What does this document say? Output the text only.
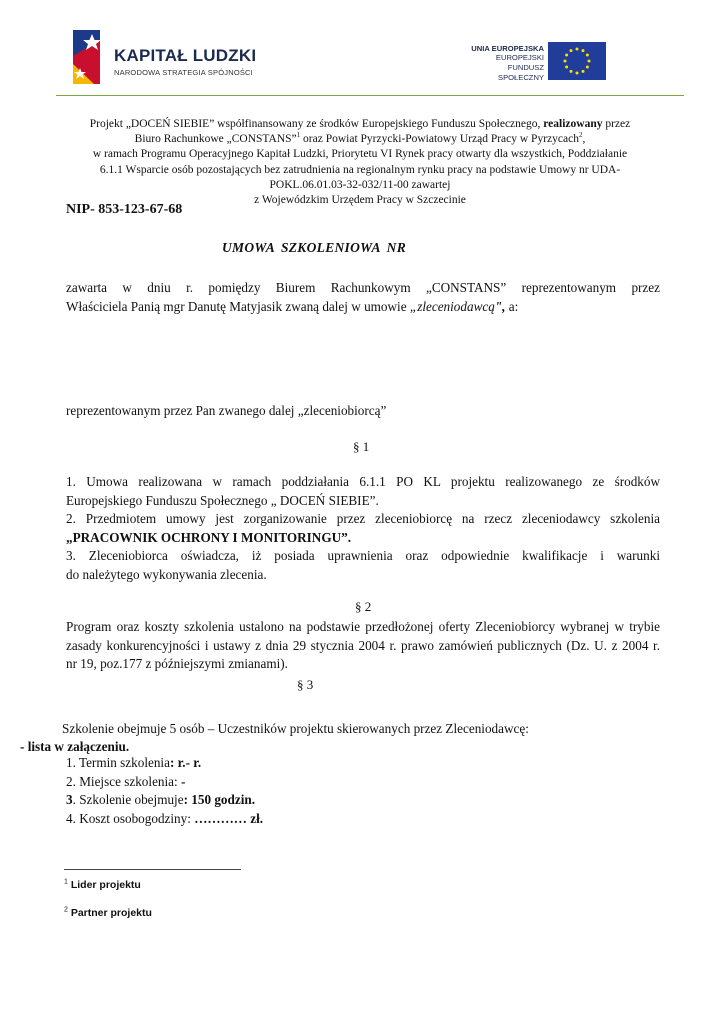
KAPITAŁ LUDZKI
NARODOWA STRATEGIA SPÓJNOŚCI
UNIA EUROPEJSKA
EUROPEJSKI
FUNDUSZ SPOŁECZNY

Projekt „DOCEŃ SIEBIE” współfinansowany ze środków Europejskiego Funduszu Społecznego, realizowany przez

Biuro Rachunkowe „CONSTANS”$^1$ oraz Powiat Pyrzycki-Powiatowy Urząd Pracy w Pyrzycach$^2$,

w ramach Programu Operacyjnego Kapitał Ludzki, Priorytetu VI Rynek pracy otwarty dla wszystkich, Poddziałanie

6.1.1 Wsparcie osób pozostających bez zatrudnienia na regionalnym rynku pracy na podstawie Umowy nr UDA-

POKL.06.01.03-32-032/11-00 zawartej

z Wojewódzkim Urzędem Pracy w Szczecinie

NIP- 853-123-67-68
UMOWA SZKOLENIOWA NR
zawarta w dniu r. pomiędzy Biurem Rachunkowym „CONSTANS” reprezentowanym przez
Właściciela Panią mgr Danutę Matyjasik zwaną dalej w umowie „zleceniodawcą", a:
reprezentowanym przez Pan zwanego dalej „zleceniobiorcą”
§ 1
1. Umowa realizowana w ramach poddziałania 6.1.1 PO KL projektu realizowanego ze środków
Europejskiego Funduszu Społecznego „ DOCEŃ SIEBIE”.
2. Przedmiotem umowy jest zorganizowanie przez zleceniobiorcę na rzecz zleceniodawcy szkolenia
„PRACOWNIK OCHRONY I MONITORINGU”.
3. Zleceniobiorca oświadcza, iż posiada uprawnienia oraz odpowiednie kwalifikacje i warunki
do należytego wykonywania zlecenia.
§ 2
Program oraz koszty szkolenia ustalono na podstawie przedłożonej oferty Zleceniobiorcy wybranej w trybie
zasady konkurencyjności i ustawy z dnia 29 stycznia 2004 r. prawo zamówień publicznych (Dz. U. z 2004 r.
nr 19, poz.177 z późniejszymi zmianami).
§ 3
Szkolenie obejmuje 5 osób – Uczestników projektu skierowanych przez Zleceniodawcę:
- lista w załączeniu.
1. Termin szkolenia: r.- r.
2. Miejsce szkolenia: -
3. Szkolenie obejmuje: 150 godzin.
4. Koszt osobogodziny: ………… zł.
$^1$ Lider projektu
$^2$ Partner projektu
